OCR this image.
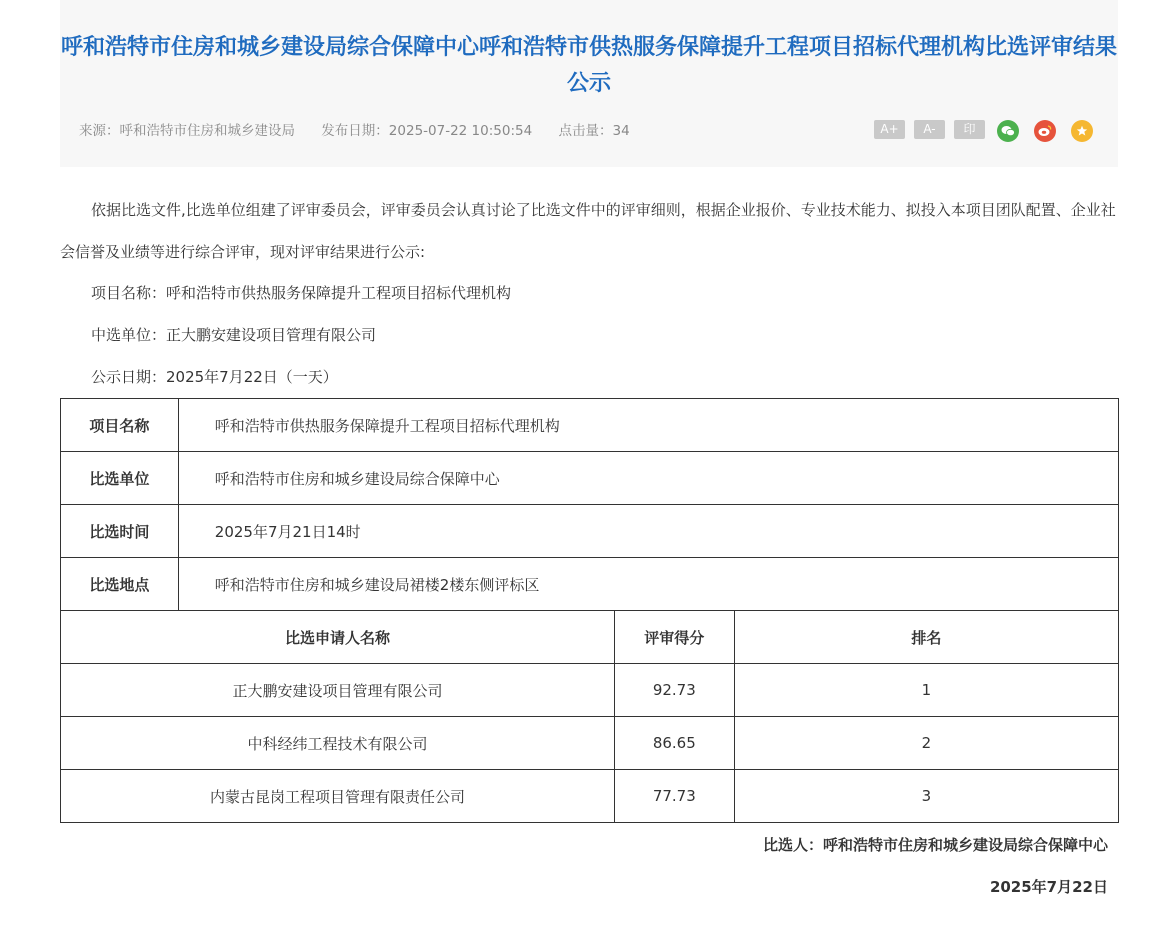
呼和浩特市住房和城乡建设局综合保障中心呼和浩特市供热服务保障提升工程项目招标代理机构比选评审结果公示
来源：呼和浩特市住房和城乡建设局 发布日期：2025-07-22 10:50:54 点击量：34	A+	A-	印

依据比选文件,比选单位组建了评审委员会，评审委员会认真讨论了比选文件中的评审细则，根据企业报价、专业技术能力、拟投入本项目团队配置、企业社会信誉及业绩等进行综合评审，现对评审结果进行公示:

项目名称：呼和浩特市供热服务保障提升工程项目招标代理机构

中选单位：正大鹏安建设项目管理有限公司

公示日期：2025年7月22日（一天）

项目名称	呼和浩特市供热服务保障提升工程项目招标代理机构		
比选单位	呼和浩特市住房和城乡建设局综合保障中心		
比选时间	2025年7月21日14时		
比选地点	呼和浩特市住房和城乡建设局裙楼2楼东侧评标区		
比选申请人名称		评审得分	排名
正大鹏安建设项目管理有限公司		92.73	1
中科经纬工程技术有限公司		86.65	2
内蒙古昆岗工程项目管理有限责任公司		77.73	3
比选人：呼和浩特市住房和城乡建设局综合保障中心
2025年7月22日
